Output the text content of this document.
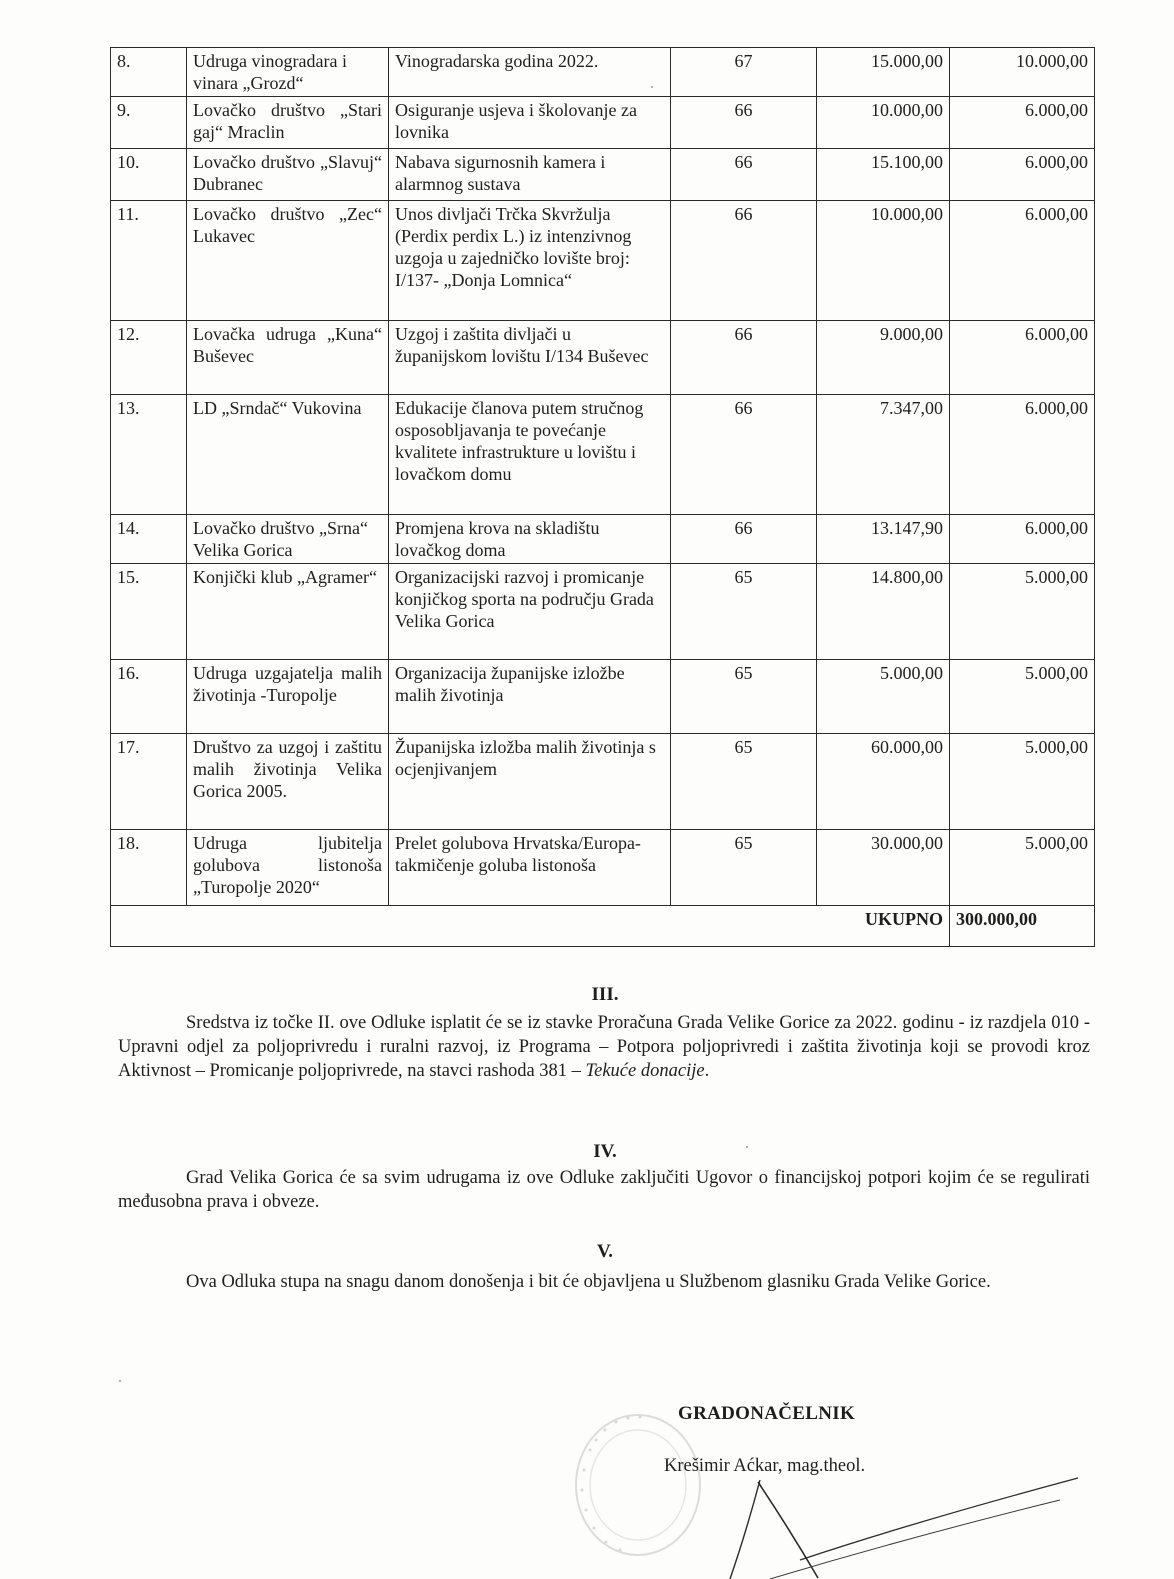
8.	Udruga vinogradara i vinara „Grozd“	Vinogradarska godina 2022.	67	15.000,00	10.000,00
9.	Lovačko društvo „Stari gaj“ Mraclin	Osiguranje usjeva i školovanje za lovnika	66	10.000,00	6.000,00
10.	Lovačko društvo „Slavuj“ Dubranec	Nabava sigurnosnih kamera i alarmnog sustava	66	15.100,00	6.000,00
11.	Lovačko društvo „Zec“ Lukavec	Unos divljači Trčka Skvržulja (Perdix perdix L.) iz intenzivnog uzgoja u zajedničko lovište broj: I/137- „Donja Lomnica“	66	10.000,00	6.000,00
12.	Lovačka udruga „Kuna“ Buševec	Uzgoj i zaštita divljači u županijskom lovištu I/134 Buševec	66	9.000,00	6.000,00
13.	LD „Srndač“ Vukovina	Edukacije članova putem stručnog osposobljavanja te povećanje kvalitete infrastrukture u lovištu i lovačkom domu	66	7.347,00	6.000,00
14.	Lovačko društvo „Srna“ Velika Gorica	Promjena krova na skladištu lovačkog doma	66	13.147,90	6.000,00
15.	Konjički klub „Agramer“	Organizacijski razvoj i promicanje konjičkog sporta na području Grada Velika Gorica	65	14.800,00	5.000,00
16.	Udruga uzgajatelja malih životinja -Turopolje	Organizacija županijske izložbe malih životinja	65	5.000,00	5.000,00
17.	Društvo za uzgoj i zaštitu malih životinja Velika Gorica 2005.	Županijska izložba malih životinja s ocjenjivanjem	65	60.000,00	5.000,00
18.	Udruga ljubitelja golubova listonoša „Turopolje 2020“	Prelet golubova Hrvatska/Europa- takmičenje goluba listonoša	65	30.000,00	5.000,00
UKUPNO					300.000,00
III.
Sredstva iz točke II. ove Odluke isplatit će se iz stavke Proračuna Grada Velike Gorice za 2022. godinu - iz razdjela 010 - Upravni odjel za poljoprivredu i ruralni razvoj, iz Programa – Potpora poljoprivredi i zaštita životinja koji se provodi kroz Aktivnost – Promicanje poljoprivrede, na stavci rashoda 381 – Tekuće donacije.
IV.
Grad Velika Gorica će sa svim udrugama iz ove Odluke zaključiti Ugovor o financijskoj potpori kojim će se regulirati međusobna prava i obveze.
V.
Ova Odluka stupa na snagu danom donošenja i bit će objavljena u Službenom glasniku Grada Velike Gorice.
GRADONAČELNIK
Krešimir Aćkar, mag.theol.
